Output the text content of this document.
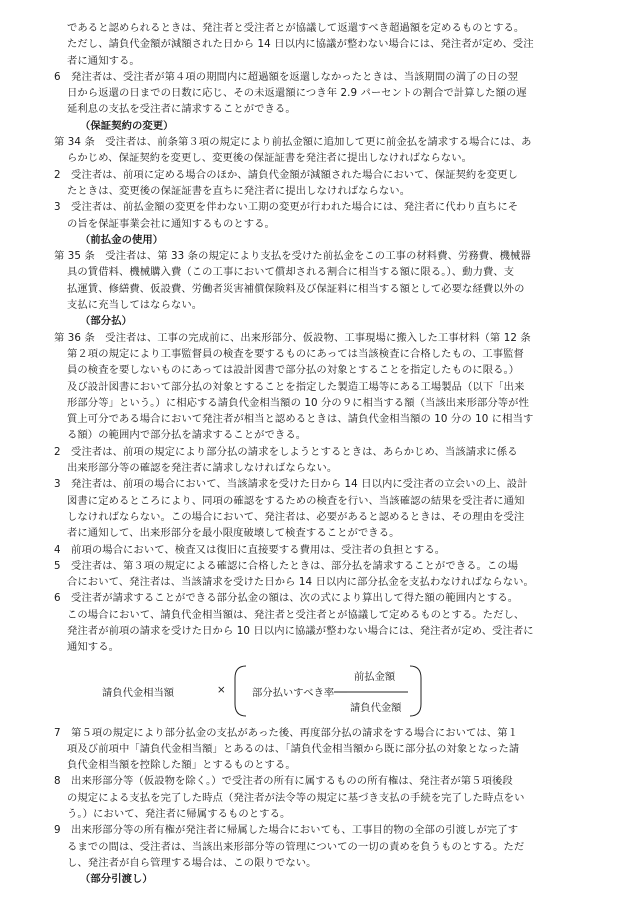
であると認められるときは、発注者と受注者とが協議して返還すべき超過額を定めるものとする。

ただし、請負代金額が減額された日から 14 日以内に協議が整わない場合には、発注者が定め、受注

者に通知する。

6　発注者は、受注者が第４項の期間内に超過額を返還しなかったときは、当該期間の満了の日の翌

日から返還の日までの日数に応じ、その未返還額につき年 2.9 パーセントの割合で計算した額の遅

延利息の支払を受注者に請求することができる。

（保証契約の変更）

第 34 条　受注者は、前条第３項の規定により前払金額に追加して更に前金払を請求する場合には、あ

らかじめ、保証契約を変更し、変更後の保証証書を発注者に提出しなければならない。

2　受注者は、前項に定める場合のほか、請負代金額が減額された場合において、保証契約を変更し

たときは、変更後の保証証書を直ちに発注者に提出しなければならない。

3　受注者は、前払金額の変更を伴わない工期の変更が行われた場合には、発注者に代わり直ちにそ

の旨を保証事業会社に通知するものとする。

（前払金の使用）

第 35 条　受注者は、第 33 条の規定により支払を受けた前払金をこの工事の材料費、労務費、機械器

具の賃借料、機械購入費（この工事において償却される割合に相当する額に限る。）、動力費、支

払運賃、修繕費、仮設費、労働者災害補償保険料及び保証料に相当する額として必要な経費以外の

支払に充当してはならない。

（部分払）

第 36 条　受注者は、工事の完成前に、出来形部分、仮設物、工事現場に搬入した工事材料（第 12 条

第２項の規定により工事監督員の検査を要するものにあっては当該検査に合格したもの、工事監督

員の検査を要しないものにあっては設計図書で部分払の対象とすることを指定したものに限る。）

及び設計図書において部分払の対象とすることを指定した製造工場等にある工場製品（以下「出来

形部分等」という。）に相応する請負代金相当額の 10 分の９に相当する額（当該出来形部分等が性

質上可分である場合において発注者が相当と認めるときは、請負代金相当額の 10 分の 10 に相当す

る額）の範囲内で部分払を請求することができる。

2　受注者は、前項の規定により部分払の請求をしようとするときは、あらかじめ、当該請求に係る

出来形部分等の確認を発注者に請求しなければならない。

3　発注者は、前項の場合において、当該請求を受けた日から 14 日以内に受注者の立会いの上、設計

図書に定めるところにより、同項の確認をするための検査を行い、当該確認の結果を受注者に通知

しなければならない。この場合において、発注者は、必要があると認めるときは、その理由を受注

者に通知して、出来形部分を最小限度破壊して検査することができる。

4　前項の場合において、検査又は復旧に直接要する費用は、受注者の負担とする。

5　受注者は、第３項の規定による確認に合格したときは、部分払を請求することができる。この場

合において、発注者は、当該請求を受けた日から 14 日以内に部分払金を支払わなければならない。

6　受注者が請求することができる部分払金の額は、次の式により算出して得た額の範囲内とする。

この場合において、請負代金相当額は、発注者と受注者とが協議して定めるものとする。ただし、

発注者が前項の請求を受けた日から 10 日以内に協議が整わない場合には、発注者が定め、受注者に

通知する。

請負代金相当額	×	部分払いすべき率 －
前払金額
請負代金額

7　第５項の規定により部分払金の支払があった後、再度部分払の請求をする場合においては、第１

項及び前項中「請負代金相当額」とあるのは、「請負代金相当額から既に部分払の対象となった請

負代金相当額を控除した額」とするものとする。

8　出来形部分等（仮設物を除く。）で受注者の所有に属するものの所有権は、発注者が第５項後段

の規定による支払を完了した時点（発注者が法令等の規定に基づき支払の手続を完了した時点をい

う。）において、発注者に帰属するものとする。

9　出来形部分等の所有権が発注者に帰属した場合においても、工事目的物の全部の引渡しが完了す

るまでの間は、受注者は、当該出来形部分等の管理についての一切の責めを負うものとする。ただ

し、発注者が自ら管理する場合は、この限りでない。

（部分引渡し）
